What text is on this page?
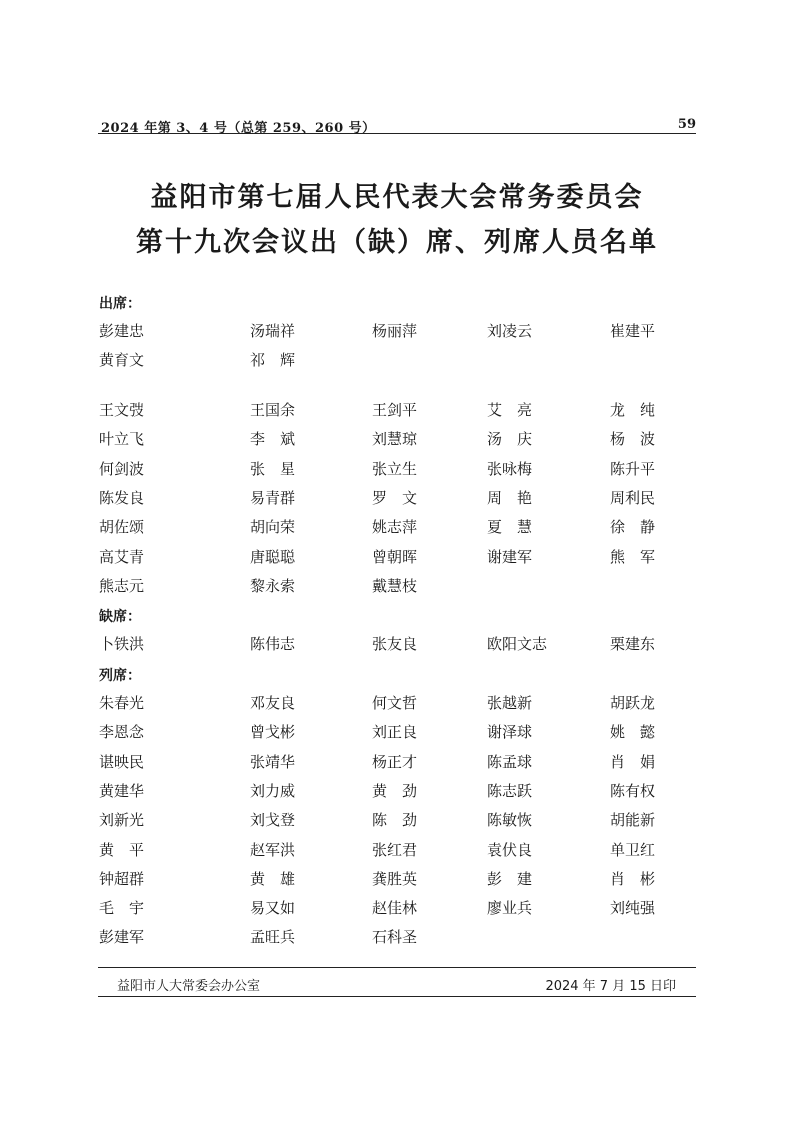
2024 年第 3、4 号（总第 259、260 号）	59
益阳市第七届人民代表大会常务委员会
第十九次会议出（缺）席、列席人员名单
出席：
彭建忠	汤瑞祥	杨丽萍	刘凌云	崔建平
黄育文	祁　辉
王文弢	王国余	王剑平	艾　亮	龙　纯
叶立飞	李　斌	刘慧琼	汤　庆	杨　波
何剑波	张　星	张立生	张咏梅	陈升平
陈发良	易青群	罗　文	周　艳	周利民
胡佐颂	胡向荣	姚志萍	夏　慧	徐　静
高艾青	唐聪聪	曾朝晖	谢建军	熊　军
熊志元	黎永索	戴慧枝
缺席：
卜铁洪	陈伟志	张友良	欧阳文志	栗建东
列席：
朱春光	邓友良	何文哲	张越新	胡跃龙
李恩念	曾戈彬	刘正良	谢泽球	姚　懿
谌映民	张靖华	杨正才	陈孟球	肖　娟
黄建华	刘力威	黄　劲	陈志跃	陈有权
刘新光	刘戈登	陈　劲	陈敏恢	胡能新
黄　平	赵军洪	张红君	袁伏良	单卫红
钟超群	黄　雄	龚胜英	彭　建	肖　彬
毛　宇	易又如	赵佳林	廖业兵	刘纯强
彭建军	孟旺兵	石科圣
益阳市人大常委会办公室	2024 年 7 月 15 日印
